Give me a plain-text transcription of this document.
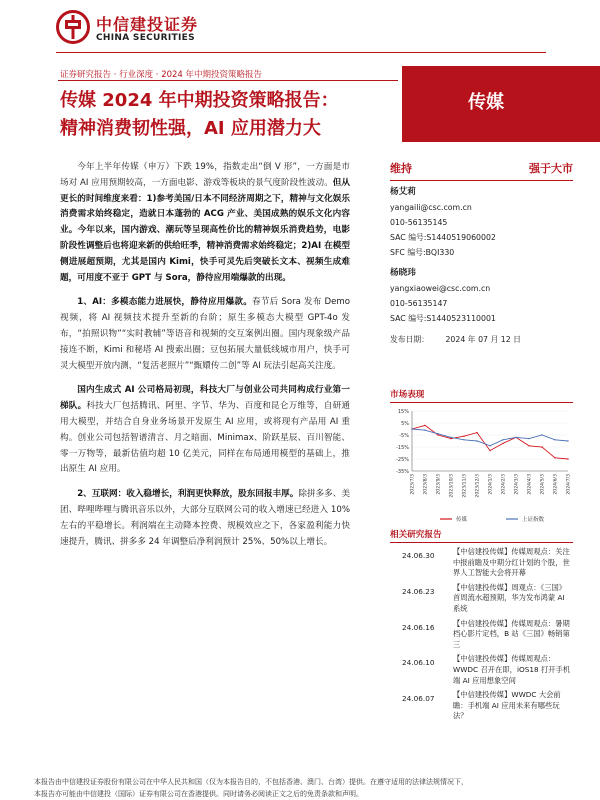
中信建投证券
CHINA SECURITIES
证券研究报告 · 行业深度 · 2024 年中期投资策略报告
传媒 2024 年中期投资策略报告：
精神消费韧性强，AI 应用潜力大
传媒

今年上半年传媒（申万）下跌 19%，指数走出“倒 V 形”，一方面是市场对 AI 应用预期较高，一方面电影、游戏等板块的景气度阶段性波动。但从更长的时间维度来看：1)参考美国/日本不同经济周期之下，精神与文化娱乐消费需求始终稳定，造就日本蓬勃的 ACG 产业、美国成熟的娱乐文化内容业。今年以来，国内游戏、潮玩等呈现高性价比的精神娱乐消费趋势，电影阶段性调整后也将迎来新的供给旺季，精神消费需求始终稳定；2)AI 在模型侧进展超预期，尤其是国内 Kimi，快手可灵先后突破长文本、视频生成难题，可用度不亚于 GPT 与 Sora，静待应用端爆款的出现。

1、AI：多模态能力进展快，静待应用爆款。春节后 Sora 发布 Demo 视频，将 AI 视频技术提升至新的台阶；原生多模态大模型 GPT-4o 发布，“拍照识物”“实时教辅”等语音和视频的交互案例出圈。国内现象级产品接连不断，Kimi 和秘塔 AI 搜索出圈；豆包拓展大量低线城市用户，快手可灵大模型开放内测，“复活老照片”“甄嬛传二创”等 AI 玩法引起高关注度。

国内生成式 AI 公司格局初现，科技大厂与创业公司共同构成行业第一梯队。科技大厂包括腾讯、阿里、字节、华为、百度和昆仑万维等，自研通用大模型，并结合自身业务场景开发原生 AI 应用，或将现有产品用 AI 重构。创业公司包括智谱清言、月之暗面、Minimax、阶跃星辰、百川智能、零一万物等，最新估值均超 10 亿美元，同样在布局通用模型的基础上，推出原生 AI 应用。

2、互联网：收入稳增长，利润更快释放，股东回报丰厚。除拼多多、美团、哔哩哔哩与腾讯音乐以外，大部分互联网公司的收入增速已经进入 10%左右的平稳增长。利润端在主动降本控费、规模效应之下，各家盈利能力快速提升，腾讯、拼多多 24 年调整后净利润预计 25%、50%以上增长。

维持	强于大市
杨艾莉
yangaili@csc.com.cn
010-56135145
SAC 编号:S1440519060002
SFC 编号:BQI330
杨晓玮
yangxiaowei@csc.com.cn
010-56135147
SAC 编号:S1440523110001
发布日期： 2024 年 07 月 12 日
市场表现
15%
5%
-5%
-15%
-25%
-35%
2023/7/3 2023/8/3 2023/9/3 2023/10/3 2023/11/3 2023/12/3 2024/1/3 2024/2/3 2024/3/3 2024/4/3 2024/5/3 2024/6/3 2024/7/3
传媒	上证指数
相关研究报告
24.06.30	【中信建投传媒】传媒周观点：关注中报前瞻及中期分红计划的个股，世界人工智能大会将开幕
24.06.23	【中信建投传媒】周观点：《三国》首周流水超预期，华为发布鸿蒙 AI 系统
24.06.16	【中信建投传媒】传媒周观点：暑期档心影片定档，B 站《三国》畅销第三
24.06.10	【中信建投传媒】传媒周观点：WWDC 召开在即，iOS18 打开手机端 AI 应用想象空间
24.06.07	【中信建投传媒】WWDC 大会前瞻：手机端 AI 应用未来有哪些玩法？
本报告由中信建投证券股份有限公司在中华人民共和国（仅为本报告目的，不包括香港、澳门、台湾）提供。在遵守适用的法律法规情况下，
本报告亦可能由中信建投（国际）证券有限公司在香港提供。同时请务必阅读正文之后的免责条款和声明。
